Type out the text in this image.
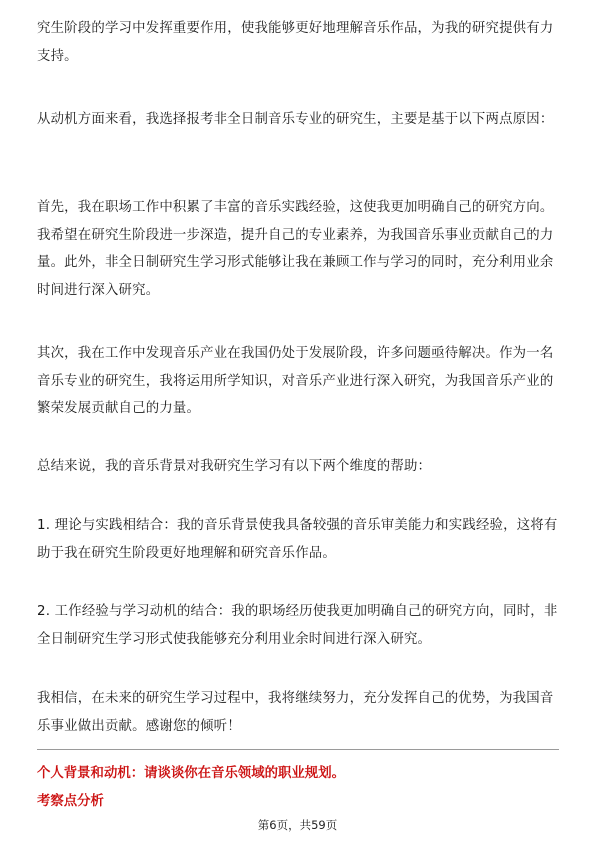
究生阶段的学习中发挥重要作用，使我能够更好地理解音乐作品，为我的研究提供有力支持。

从动机方面来看，我选择报考非全日制音乐专业的研究生，主要是基于以下两点原因：

首先，我在职场工作中积累了丰富的音乐实践经验，这使我更加明确自己的研究方向。我希望在研究生阶段进一步深造，提升自己的专业素养，为我国音乐事业贡献自己的力量。此外，非全日制研究生学习形式能够让我在兼顾工作与学习的同时，充分利用业余时间进行深入研究。

其次，我在工作中发现音乐产业在我国仍处于发展阶段，许多问题亟待解决。作为一名音乐专业的研究生，我将运用所学知识，对音乐产业进行深入研究，为我国音乐产业的繁荣发展贡献自己的力量。

总结来说，我的音乐背景对我研究生学习有以下两个维度的帮助：

1. 理论与实践相结合：我的音乐背景使我具备较强的音乐审美能力和实践经验，这将有助于我在研究生阶段更好地理解和研究音乐作品。

2. 工作经验与学习动机的结合：我的职场经历使我更加明确自己的研究方向，同时，非全日制研究生学习形式使我能够充分利用业余时间进行深入研究。

我相信，在未来的研究生学习过程中，我将继续努力，充分发挥自己的优势，为我国音乐事业做出贡献。感谢您的倾听！

个人背景和动机：请谈谈你在音乐领域的职业规划。

考察点分析

第6页，共59页
